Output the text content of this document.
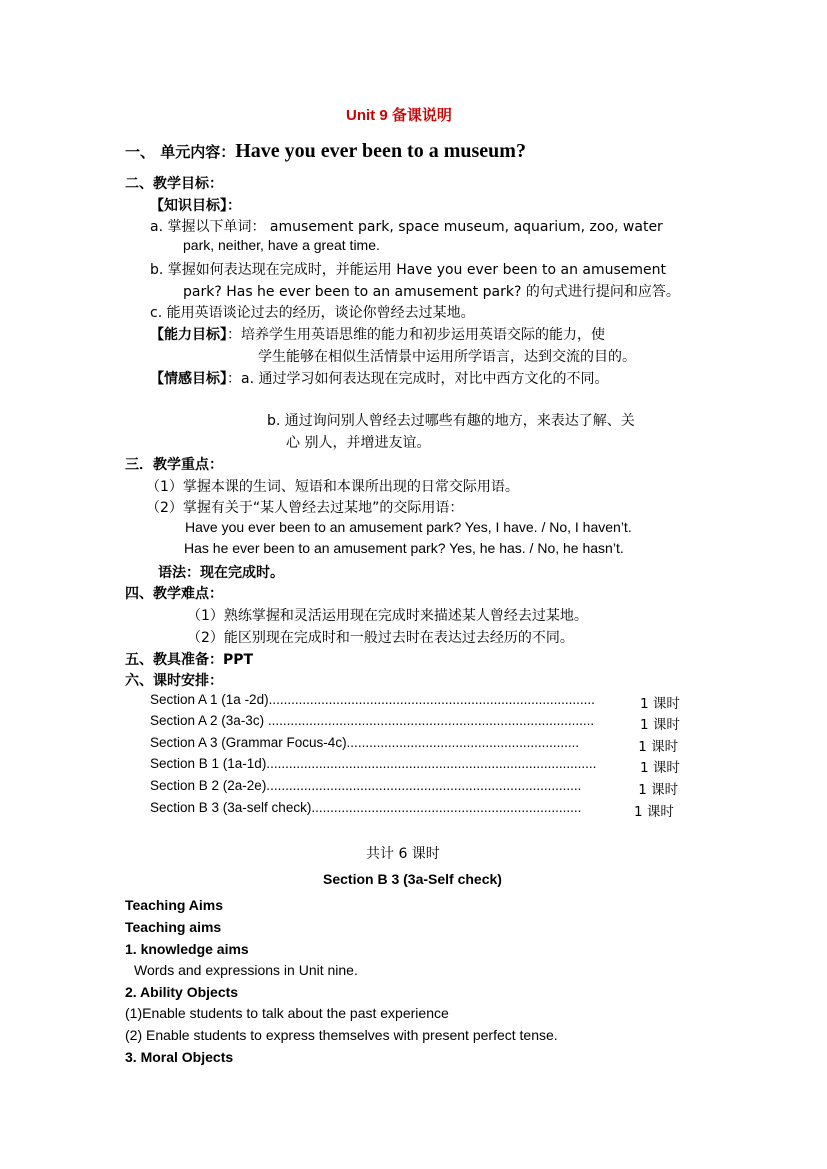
Unit 9 备课说明
一、 单元内容：Have you ever been to a museum?
二、教学目标：
【知识目标】：
a. 掌握以下单词： amusement park, space museum, aquarium, zoo, water
park, neither, have a great time.
b. 掌握如何表达现在完成时，并能运用 Have you ever been to an amusement
park? Has he ever been to an amusement park? 的句式进行提问和应答。
c. 能用英语谈论过去的经历，谈论你曾经去过某地。
【能力目标】：培养学生用英语思维的能力和初步运用英语交际的能力，使
学生能够在相似生活情景中运用所学语言，达到交流的目的。
【情感目标】：a. 通过学习如何表达现在完成时，对比中西方文化的不同。
b. 通过询问别人曾经去过哪些有趣的地方，来表达了解、关
心 别人，并增进友谊。
三．教学重点：
（1）掌握本课的生词、短语和本课所出现的日常交际用语。
（2）掌握有关于“某人曾经去过某地”的交际用语：
Have you ever been to an amusement park? Yes, I have. / No, I haven’t.
Has he ever been to an amusement park? Yes, he has. / No, he hasn’t.
语法：现在完成时。
四、教学难点：
（1）熟练掌握和灵活运用现在完成时来描述某人曾经去过某地。
（2）能区别现在完成时和一般过去时在表达过去经历的不同。
五、教具准备：PPT
六、课时安排：
Section A 1 (1a -2d).......................................................................................	1 课时
Section A 2 (3a-3c) .......................................................................................	1 课时
Section A 3 (Grammar Focus-4c)..............................................................	1 课时
Section B 1 (1a-1d)........................................................................................	1 课时
Section B 2 (2a-2e)....................................................................................	1 课时
Section B 3 (3a-self check)........................................................................	1 课时
共计 6 课时
Section B 3 (3a-Self check)
Teaching Aims
Teaching aims
1. knowledge aims
Words and expressions in Unit nine.
2. Ability Objects
(1)Enable students to talk about the past experience
(2) Enable students to express themselves with present perfect tense.
3. Moral Objects
